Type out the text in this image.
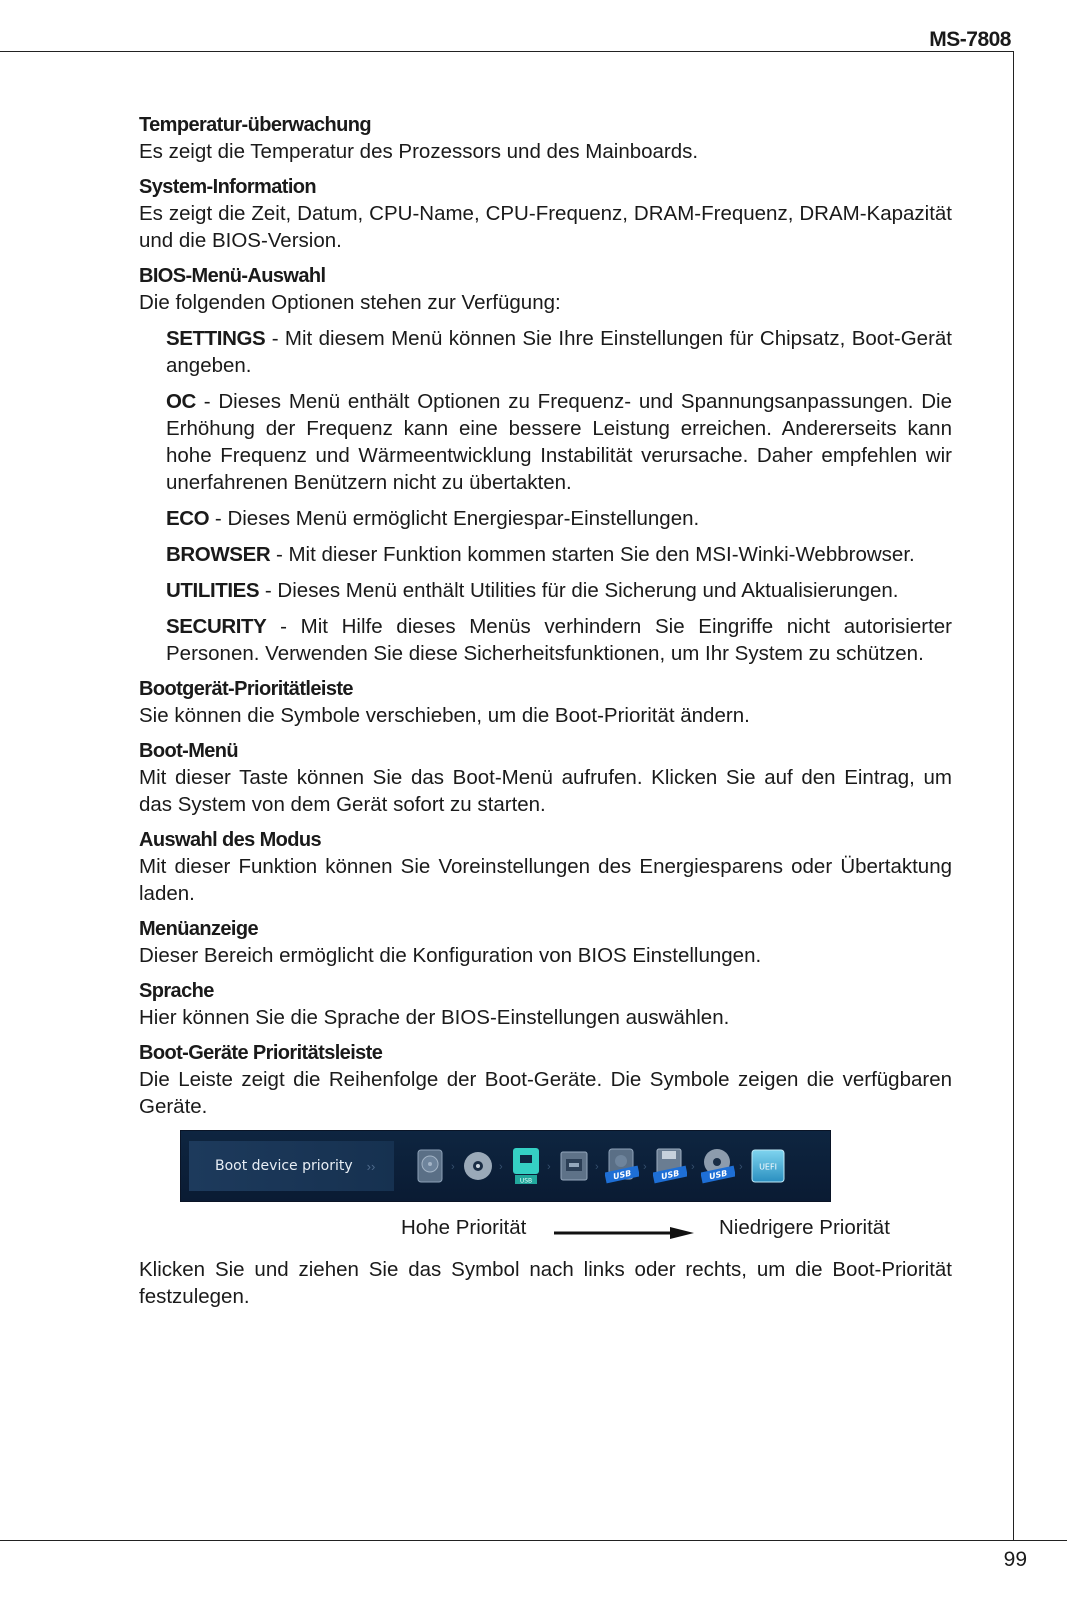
MS-7808

Temperatur-überwachung

Es zeigt die Temperatur des Prozessors und des Mainboards.

System-Information

Es zeigt die Zeit, Datum, CPU-Name, CPU-Frequenz, DRAM-Frequenz, DRAM-Kapazität und die BIOS-Version.

BIOS-Menü-Auswahl

Die folgenden Optionen stehen zur Verfügung:

SETTINGS - Mit diesem Menü können Sie Ihre Einstellungen für Chipsatz, Boot-Gerät angeben.

OC - Dieses Menü enthält Optionen zu Frequenz- und Spannungsanpassungen. Die Erhöhung der Frequenz kann eine bessere Leistung erreichen. Andererseits kann hohe Frequenz und Wärmeentwicklung Instabilität verursache. Daher empfehlen wir unerfahrenen Benützern nicht zu übertakten.

ECO - Dieses Menü ermöglicht Energiespar-Einstellungen.

BROWSER - Mit dieser Funktion kommen starten Sie den MSI-Winki-Webbrowser.

UTILITIES - Dieses Menü enthält Utilities für die Sicherung und Aktualisierungen.

SECURITY - Mit Hilfe dieses Menüs verhindern Sie Eingriffe nicht autorisierter Personen. Verwenden Sie diese Sicherheitsfunktionen, um Ihr System zu schützen.

Bootgerät-Prioritätleiste

Sie können die Symbole verschieben, um die Boot-Priorität ändern.

Boot-Menü

Mit dieser Taste können Sie das Boot-Menü aufrufen. Klicken Sie auf den Eintrag, um das System von dem Gerät sofort zu starten.

Auswahl des Modus

Mit dieser Funktion können Sie Voreinstellungen des Energiesparens oder Übertaktung laden.

Menüanzeige

Dieser Bereich ermöglicht die Konfiguration von BIOS Einstellungen.

Sprache

Hier können Sie die Sprache der BIOS-Einstellungen auswählen.

Boot-Geräte Prioritätsleiste

Die Leiste zeigt die Reihenfolge der Boot-Geräte. Die Symbole zeigen die verfügbaren Geräte.

Boot device priority ››	›	›
USB
›	›
USB
›
USB
›
USB
› UEFI
Hohe Priorität	Niedrigere Priorität

Klicken Sie und ziehen Sie das Symbol nach links oder rechts, um die Boot-Priorität festzulegen.

99
